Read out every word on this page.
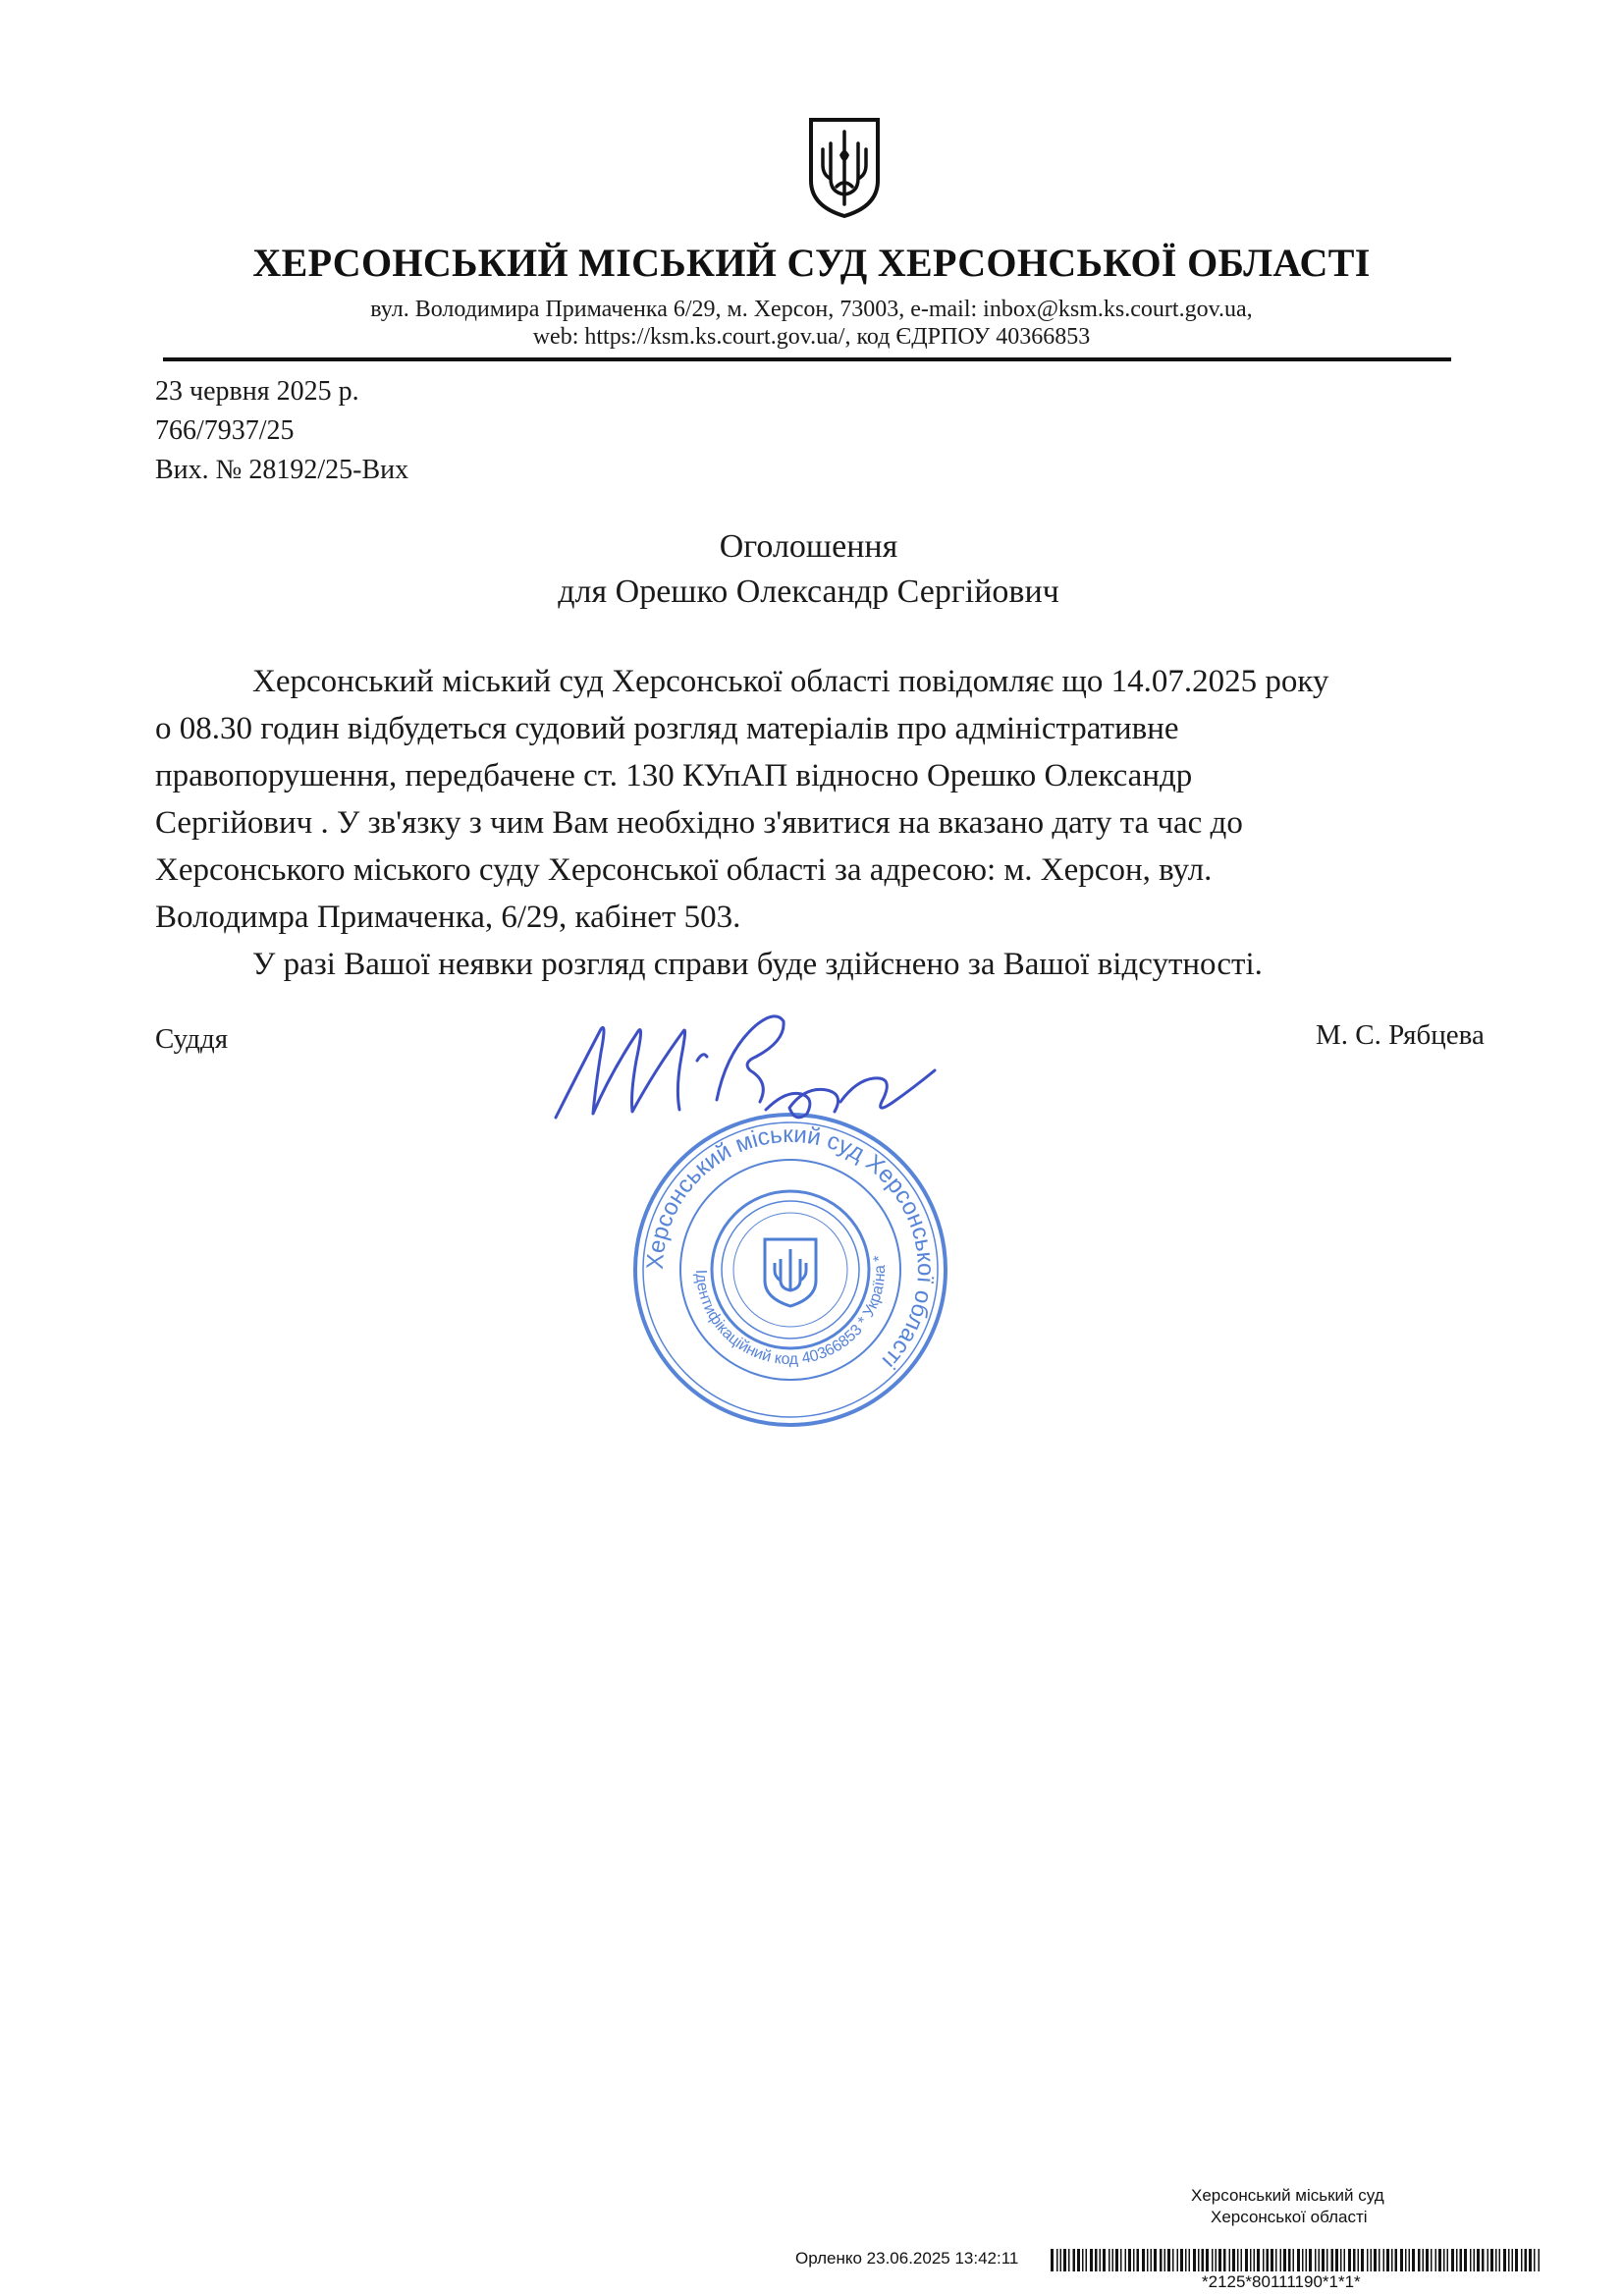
ХЕРСОНСЬКИЙ МІСЬКИЙ СУД ХЕРСОНСЬКОЇ ОБЛАСТІ
вул. Володимира Примаченка 6/29, м. Херсон, 73003, e-mail: inbox@ksm.ks.court.gov.ua,
web: https://ksm.ks.court.gov.ua/, код ЄДРПОУ 40366853
23 червня 2025 р.
766/7937/25
Вих. № 28192/25-Вих
Оголошення
для Орешко Олександр Сергійович
Херсонський міський суд Херсонської області повідомляє що 14.07.2025 року
о 08.30 годин відбудеться судовий розгляд матеріалів про адміністративне
правопорушення, передбачене ст. 130 КУпАП відносно Орешко Олександр
Сергійович . У зв'язку з чим Вам необхідно з'явитися на вказано дату та час до
Херсонського міського суду Херсонської області за адресою: м. Херсон, вул.
Володимра Примаченка, 6/29, кабінет 503.
У разі Вашої неявки розгляд справи буде здійснено за Вашої відсутності.
Суддя	М. С. Рябцева
Херсонський міський суд Херсонської області
Ідентифікаційний код 40366853 * Україна *
Херсонський міський суд
Херсонської області
Орленко 23.06.2025 13:42:11
*2125*80111190*1*1*
